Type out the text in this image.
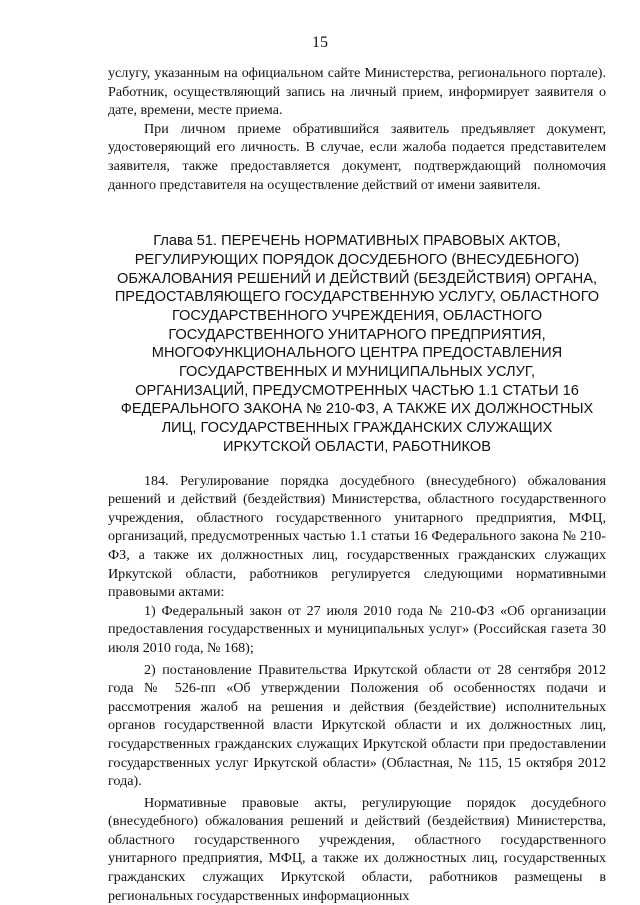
15

услугу, указанным на официальном сайте Министерства, регионального портале). Работник, осуществляющий запись на личный прием, информирует заявителя о дате, времени, месте приема.

При личном приеме обратившийся заявитель предъявляет документ, удостоверяющий его личность. В случае, если жалоба подается представителем заявителя, также предоставляется документ, подтверждающий полномочия данного представителя на осуществление действий от имени заявителя.

Глава 51. ПЕРЕЧЕНЬ НОРМАТИВНЫХ ПРАВОВЫХ АКТОВ,
РЕГУЛИРУЮЩИХ ПОРЯДОК ДОСУДЕБНОГО (ВНЕСУДЕБНОГО)
ОБЖАЛОВАНИЯ РЕШЕНИЙ И ДЕЙСТВИЙ (БЕЗДЕЙСТВИЯ) ОРГАНА,
ПРЕДОСТАВЛЯЮЩЕГО ГОСУДАРСТВЕННУЮ УСЛУГУ, ОБЛАСТНОГО
ГОСУДАРСТВЕННОГО УЧРЕЖДЕНИЯ, ОБЛАСТНОГО
ГОСУДАРСТВЕННОГО УНИТАРНОГО ПРЕДПРИЯТИЯ,
МНОГОФУНКЦИОНАЛЬНОГО ЦЕНТРА ПРЕДОСТАВЛЕНИЯ
ГОСУДАРСТВЕННЫХ И МУНИЦИПАЛЬНЫХ УСЛУГ,
ОРГАНИЗАЦИЙ, ПРЕДУСМОТРЕННЫХ ЧАСТЬЮ 1.1 СТАТЬИ 16
ФЕДЕРАЛЬНОГО ЗАКОНА № 210-ФЗ, А ТАКЖЕ ИХ ДОЛЖНОСТНЫХ
ЛИЦ, ГОСУДАРСТВЕННЫХ ГРАЖДАНСКИХ СЛУЖАЩИХ
ИРКУТСКОЙ ОБЛАСТИ, РАБОТНИКОВ

184. Регулирование порядка досудебного (внесудебного) обжалования решений и действий (бездействия) Министерства, областного государственного учреждения, областного государственного унитарного предприятия, МФЦ, организаций, предусмотренных частью 1.1 статьи 16 Федерального закона № 210-ФЗ, а также их должностных лиц, государственных гражданских служащих Иркутской области, работников регулируется следующими нормативными правовыми актами:

1) Федеральный закон от 27 июля 2010 года № 210-ФЗ «Об организации предоставления государственных и муниципальных услуг» (Российская газета 30 июля 2010 года, № 168);

2) постановление Правительства Иркутской области от 28 сентября 2012 года № 526-пп «Об утверждении Положения об особенностях подачи и рассмотрения жалоб на решения и действия (бездействие) исполнительных органов государственной власти Иркутской области и их должностных лиц, государственных гражданских служащих Иркутской области при предоставлении государственных услуг Иркутской области» (Областная, № 115, 15 октября 2012 года).

Нормативные правовые акты, регулирующие порядок досудебного (внесудебного) обжалования решений и действий (бездействия) Министерства, областного государственного учреждения, областного государственного унитарного предприятия, МФЦ, а также их должностных лиц, государственных гражданских служащих Иркутской области, работников размещены в региональных государственных информационных
